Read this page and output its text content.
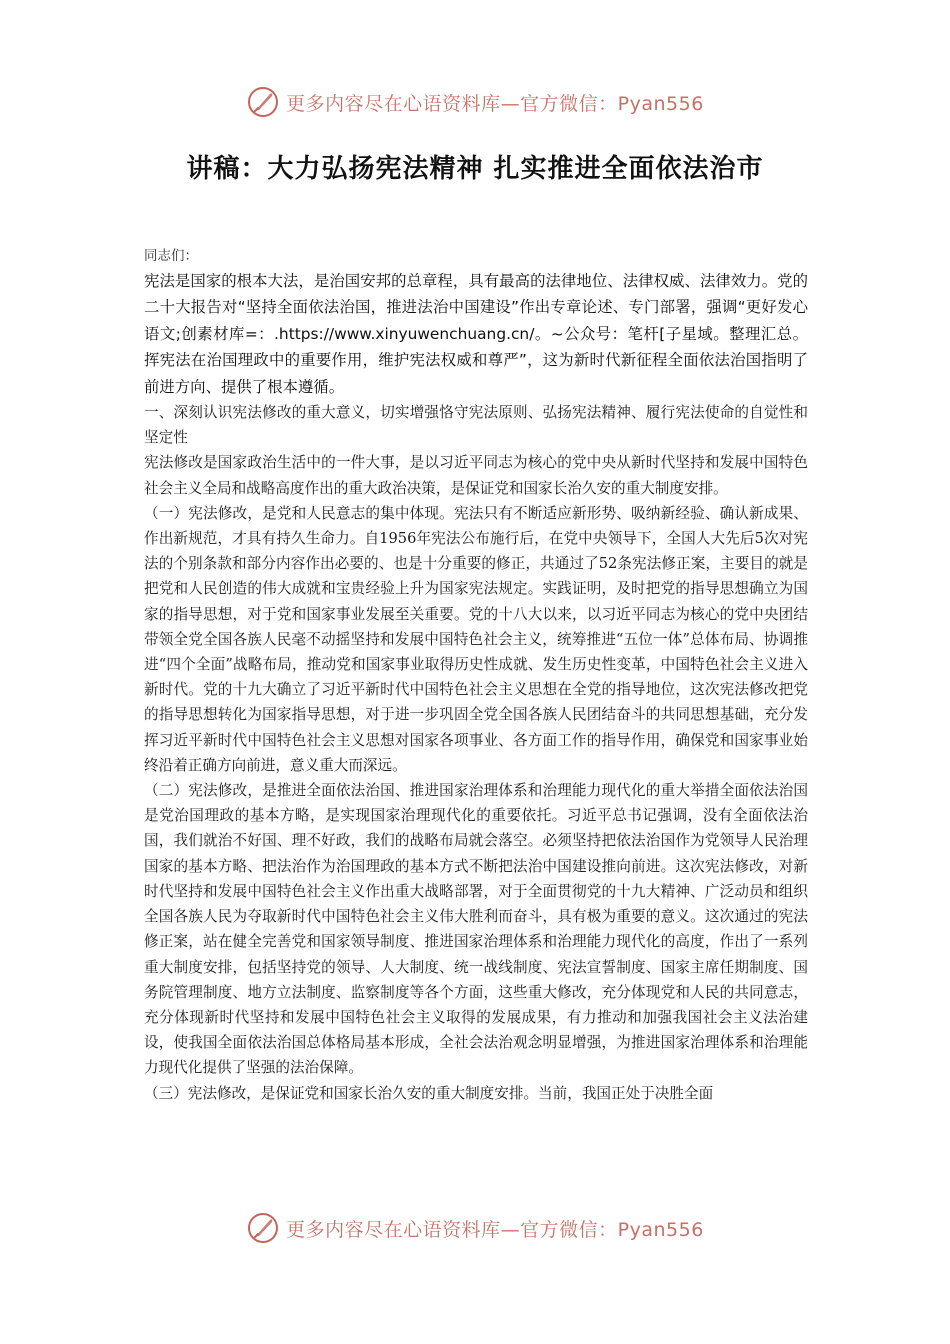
更多内容尽在心语资料库—官方微信：Pyan556
讲稿：大力弘扬宪法精神 扎实推进全面依法治市

同志们：

宪法是国家的根本大法，是治国安邦的总章程，具有最高的法律地位、法律权威、法律效力。党的二十大报告对“坚持全面依法治国，推进法治中国建设”作出专章论述、专门部署，强调“更好发心语文;创素材库=：.https://www.xinyuwenchuang.cn/。~公众号：笔杆[子星域。整理汇总。挥宪法在治国理政中的重要作用，维护宪法权威和尊严”，这为新时代新征程全面依法治国指明了前进方向、提供了根本遵循。

一、深刻认识宪法修改的重大意义，切实增强恪守宪法原则、弘扬宪法精神、履行宪法使命的自觉性和坚定性

宪法修改是国家政治生活中的一件大事，是以习近平同志为核心的党中央从新时代坚持和发展中国特色社会主义全局和战略高度作出的重大政治决策，是保证党和国家长治久安的重大制度安排。

（一）宪法修改，是党和人民意志的集中体现。宪法只有不断适应新形势、吸纳新经验、确认新成果、作出新规范，才具有持久生命力。自1956年宪法公布施行后，在党中央领导下，全国人大先后5次对宪法的个别条款和部分内容作出必要的、也是十分重要的修正，共通过了52条宪法修正案，主要目的就是把党和人民创造的伟大成就和宝贵经验上升为国家宪法规定。实践证明，及时把党的指导思想确立为国家的指导思想，对于党和国家事业发展至关重要。党的十八大以来，以习近平同志为核心的党中央团结带领全党全国各族人民毫不动摇坚持和发展中国特色社会主义，统筹推进“五位一体”总体布局、协调推进“四个全面”战略布局，推动党和国家事业取得历史性成就、发生历史性变革，中国特色社会主义进入新时代。党的十九大确立了习近平新时代中国特色社会主义思想在全党的指导地位，这次宪法修改把党的指导思想转化为国家指导思想，对于进一步巩固全党全国各族人民团结奋斗的共同思想基础，充分发挥习近平新时代中国特色社会主义思想对国家各项事业、各方面工作的指导作用，确保党和国家事业始终沿着正确方向前进，意义重大而深远。

（二）宪法修改，是推进全面依法治国、推进国家治理体系和治理能力现代化的重大举措全面依法治国是党治国理政的基本方略，是实现国家治理现代化的重要依托。习近平总书记强调，没有全面依法治国，我们就治不好国、理不好政，我们的战略布局就会落空。必须坚持把依法治国作为党领导人民治理国家的基本方略、把法治作为治国理政的基本方式不断把法治中国建设推向前进。这次宪法修改，对新时代坚持和发展中国特色社会主义作出重大战略部署，对于全面贯彻党的十九大精神、广泛动员和组织全国各族人民为夺取新时代中国特色社会主义伟大胜利而奋斗，具有极为重要的意义。这次通过的宪法修正案，站在健全完善党和国家领导制度、推进国家治理体系和治理能力现代化的高度，作出了一系列重大制度安排，包括坚持党的领导、人大制度、统一战线制度、宪法宣誓制度、国家主席任期制度、国务院管理制度、地方立法制度、监察制度等各个方面，这些重大修改，充分体现党和人民的共同意志，充分体现新时代坚持和发展中国特色社会主义取得的发展成果，有力推动和加强我国社会主义法治建设，使我国全面依法治国总体格局基本形成，全社会法治观念明显增强，为推进国家治理体系和治理能力现代化提供了坚强的法治保障。

（三）宪法修改，是保证党和国家长治久安的重大制度安排。当前，我国正处于决胜全面

更多内容尽在心语资料库—官方微信：Pyan556
